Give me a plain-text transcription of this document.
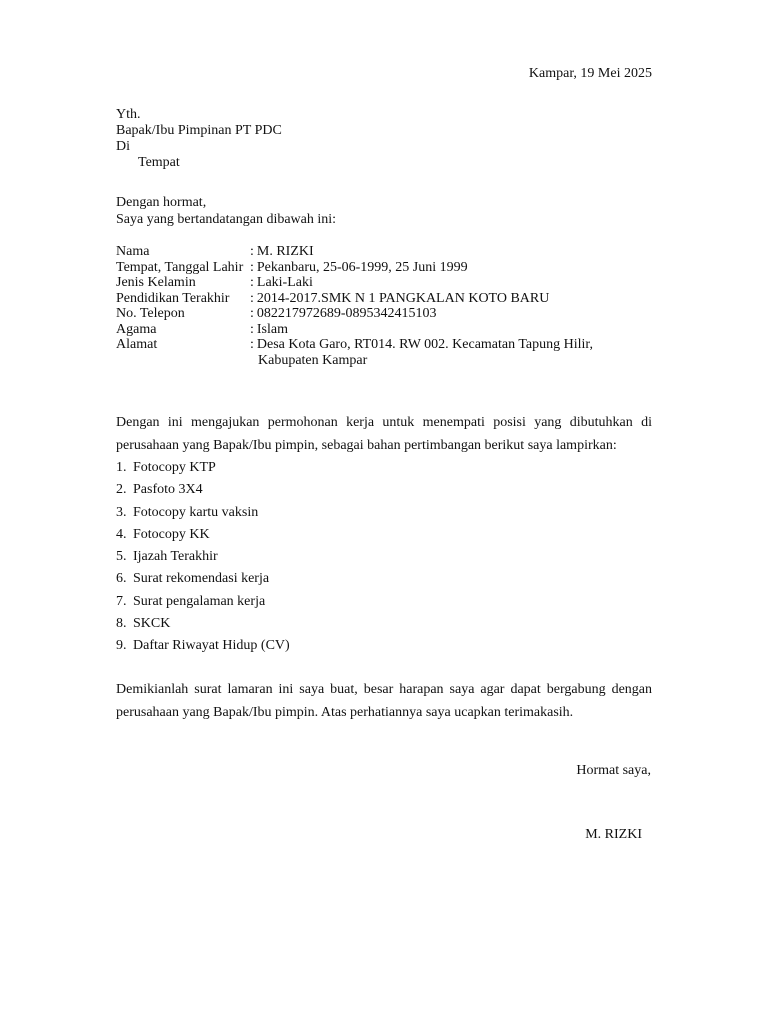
Kampar, 19 Mei 2025
Yth.
Bapak/Ibu Pimpinan PT PDC
Di
Tempat
Dengan hormat,
Saya yang bertandatangan dibawah ini:
Nama	: M. RIZKI
Tempat, Tanggal Lahir : Pekanbaru, 25-06-1999, 25 Juni 1999
Jenis Kelamin	: Laki-Laki
Pendidikan Terakhir	: 2014-2017.SMK N 1 PANGKALAN KOTO BARU
No. Telepon	: 082217972689-0895342415103
Agama	: Islam
Alamat	: Desa Kota Garo, RT014. RW 002. Kecamatan Tapung Hilir,
Kabupaten Kampar
Dengan ini mengajukan permohonan kerja untuk menempati posisi yang dibutuhkan di perusahaan yang Bapak/Ibu pimpin, sebagai bahan pertimbangan berikut saya lampirkan:
1. Fotocopy KTP
2. Pasfoto 3X4
3. Fotocopy kartu vaksin
4. Fotocopy KK
5. Ijazah Terakhir
6. Surat rekomendasi kerja
7. Surat pengalaman kerja
8. SKCK
9. Daftar Riwayat Hidup (CV)
Demikianlah surat lamaran ini saya buat, besar harapan saya agar dapat bergabung dengan perusahaan yang Bapak/Ibu pimpin. Atas perhatiannya saya ucapkan terimakasih.
Hormat saya,
M. RIZKI
